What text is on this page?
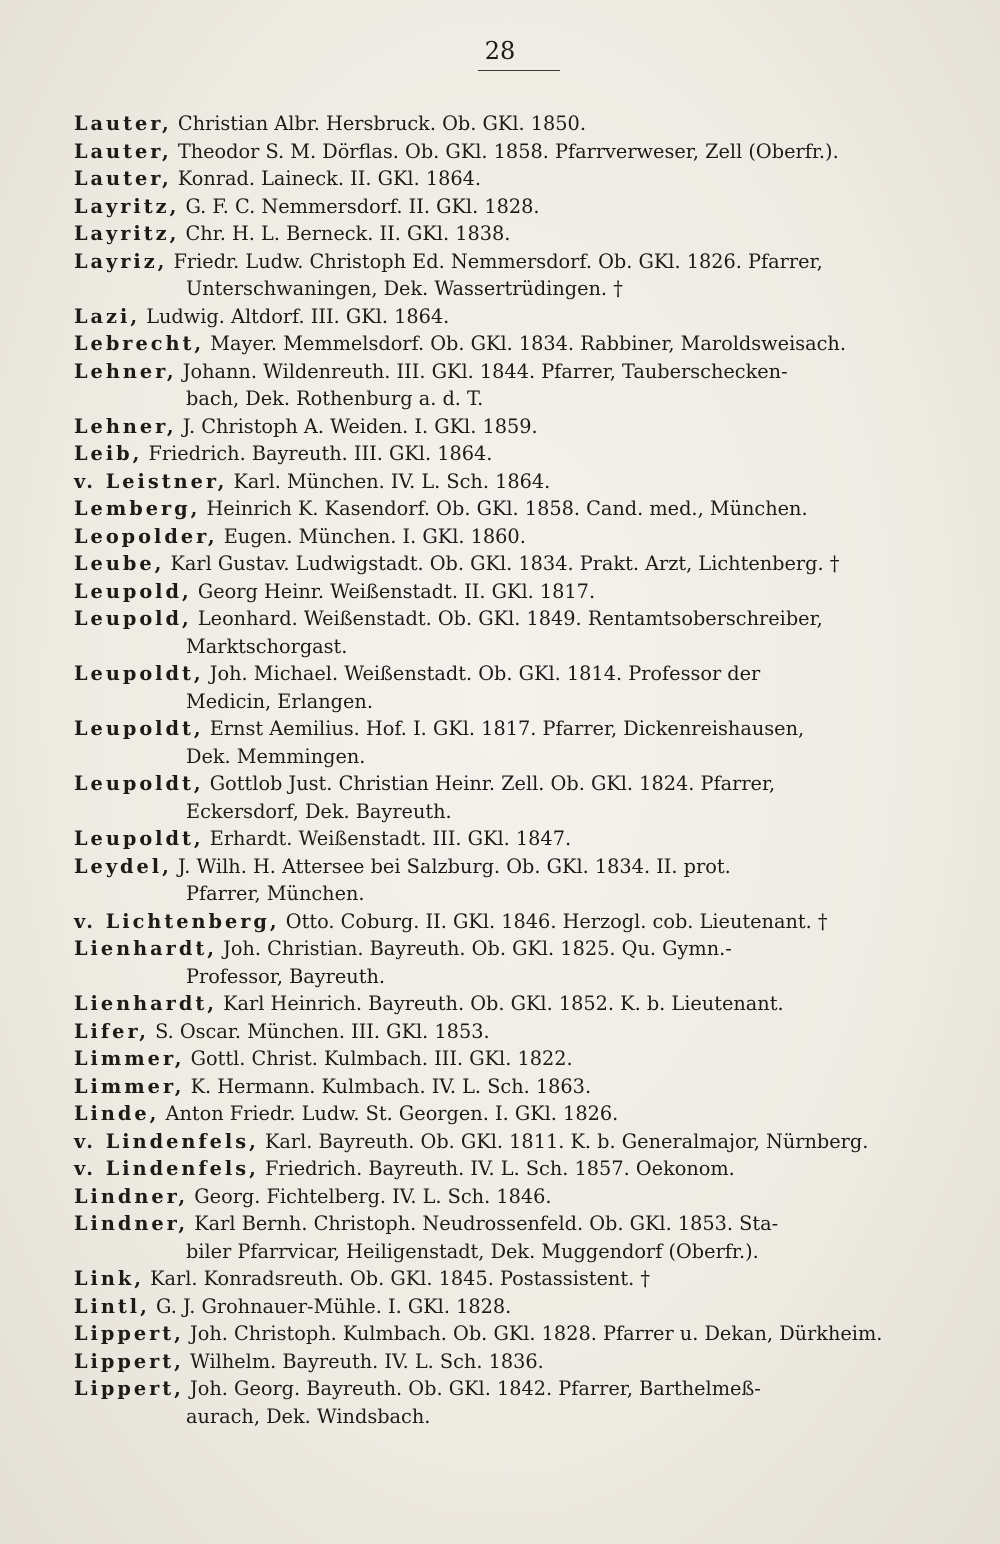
28
Lauter, Christian Albr. Hersbruck. Ob. GKl. 1850.
Lauter, Theodor S. M. Dörflas. Ob. GKl. 1858. Pfarrverweser, Zell (Oberfr.).
Lauter, Konrad. Laineck. II. GKl. 1864.
Layritz, G. F. C. Nemmersdorf. II. GKl. 1828.
Layritz, Chr. H. L. Berneck. II. GKl. 1838.
Layriz, Friedr. Ludw. Christoph Ed. Nemmersdorf. Ob. GKl. 1826. Pfarrer,
Unterschwaningen, Dek. Wassertrüdingen. †
Lazi, Ludwig. Altdorf. III. GKl. 1864.
Lebrecht, Mayer. Memmelsdorf. Ob. GKl. 1834. Rabbiner, Maroldsweisach.
Lehner, Johann. Wildenreuth. III. GKl. 1844. Pfarrer, Tauberschecken-
bach, Dek. Rothenburg a. d. T.
Lehner, J. Christoph A. Weiden. I. GKl. 1859.
Leib, Friedrich. Bayreuth. III. GKl. 1864.
v. Leistner, Karl. München. IV. L. Sch. 1864.
Lemberg, Heinrich K. Kasendorf. Ob. GKl. 1858. Cand. med., München.
Leopolder, Eugen. München. I. GKl. 1860.
Leube, Karl Gustav. Ludwigstadt. Ob. GKl. 1834. Prakt. Arzt, Lichtenberg. †
Leupold, Georg Heinr. Weißenstadt. II. GKl. 1817.
Leupold, Leonhard. Weißenstadt. Ob. GKl. 1849. Rentamtsoberschreiber,
Marktschorgast.
Leupoldt, Joh. Michael. Weißenstadt. Ob. GKl. 1814. Professor der
Medicin, Erlangen.
Leupoldt, Ernst Aemilius. Hof. I. GKl. 1817. Pfarrer, Dickenreishausen,
Dek. Memmingen.
Leupoldt, Gottlob Just. Christian Heinr. Zell. Ob. GKl. 1824. Pfarrer,
Eckersdorf, Dek. Bayreuth.
Leupoldt, Erhardt. Weißenstadt. III. GKl. 1847.
Leydel, J. Wilh. H. Attersee bei Salzburg. Ob. GKl. 1834. II. prot.
Pfarrer, München.
v. Lichtenberg, Otto. Coburg. II. GKl. 1846. Herzogl. cob. Lieutenant. †
Lienhardt, Joh. Christian. Bayreuth. Ob. GKl. 1825. Qu. Gymn.-
Professor, Bayreuth.
Lienhardt, Karl Heinrich. Bayreuth. Ob. GKl. 1852. K. b. Lieutenant.
Lifer, S. Oscar. München. III. GKl. 1853.
Limmer, Gottl. Christ. Kulmbach. III. GKl. 1822.
Limmer, K. Hermann. Kulmbach. IV. L. Sch. 1863.
Linde, Anton Friedr. Ludw. St. Georgen. I. GKl. 1826.
v. Lindenfels, Karl. Bayreuth. Ob. GKl. 1811. K. b. Generalmajor, Nürnberg.
v. Lindenfels, Friedrich. Bayreuth. IV. L. Sch. 1857. Oekonom.
Lindner, Georg. Fichtelberg. IV. L. Sch. 1846.
Lindner, Karl Bernh. Christoph. Neudrossenfeld. Ob. GKl. 1853. Sta-
biler Pfarrvicar, Heiligenstadt, Dek. Muggendorf (Oberfr.).
Link, Karl. Konradsreuth. Ob. GKl. 1845. Postassistent. †
Lintl, G. J. Grohnauer-Mühle. I. GKl. 1828.
Lippert, Joh. Christoph. Kulmbach. Ob. GKl. 1828. Pfarrer u. Dekan, Dürkheim.
Lippert, Wilhelm. Bayreuth. IV. L. Sch. 1836.
Lippert, Joh. Georg. Bayreuth. Ob. GKl. 1842. Pfarrer, Barthelmeß-
aurach, Dek. Windsbach.
